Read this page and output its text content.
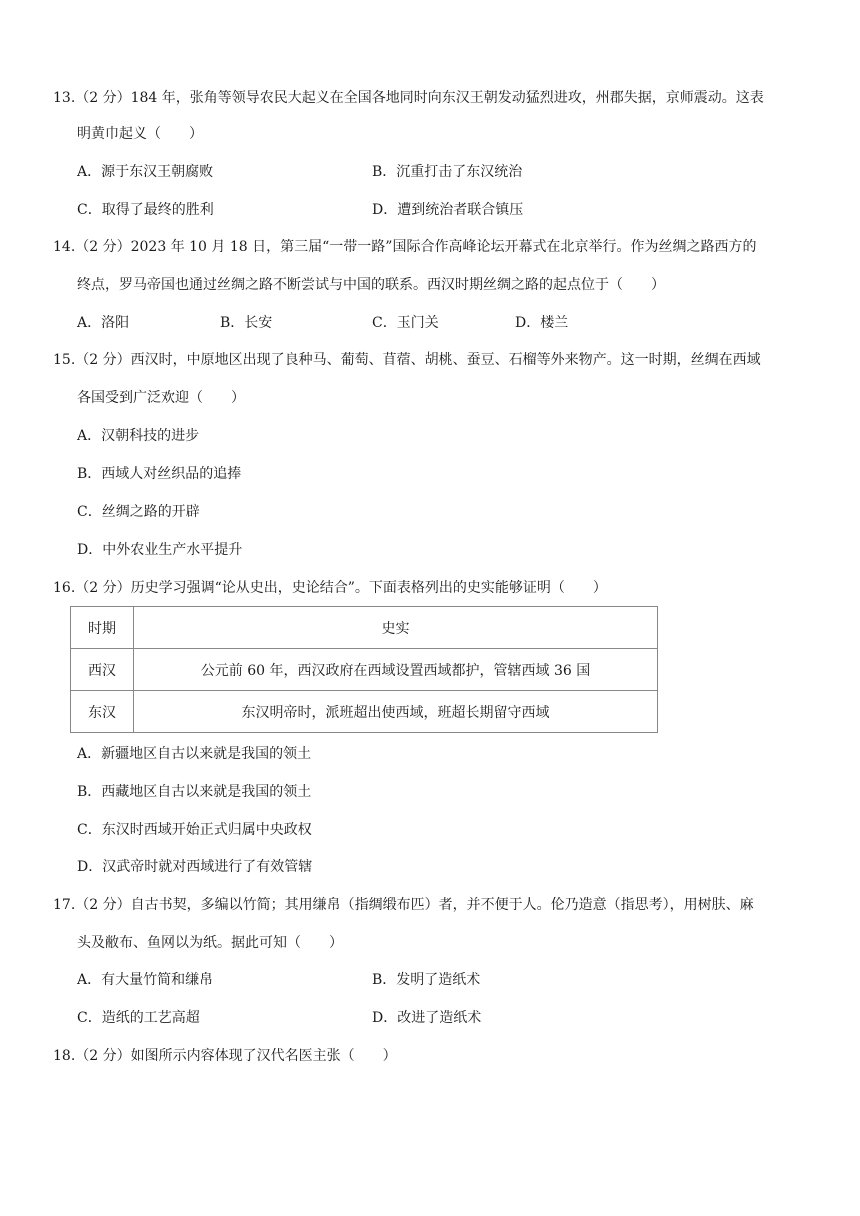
13.（2 分）184 年，张角等领导农民大起义在全国各地同时向东汉王朝发动猛烈进攻，州郡失据，京师震动。这表
明黄巾起义（　　）
A．源于东汉王朝腐败	B．沉重打击了东汉统治
C．取得了最终的胜利	D．遭到统治者联合镇压
14.（2 分）2023 年 10 月 18 日，第三届“一带一路”国际合作高峰论坛开幕式在北京举行。作为丝绸之路西方的
终点，罗马帝国也通过丝绸之路不断尝试与中国的联系。西汉时期丝绸之路的起点位于（　　）
A．洛阳	B．长安	C．玉门关	D．楼兰
15.（2 分）西汉时，中原地区出现了良种马、葡萄、苜蓿、胡桃、蚕豆、石榴等外来物产。这一时期，丝绸在西域
各国受到广泛欢迎（　　）
A．汉朝科技的进步
B．西域人对丝织品的追捧
C．丝绸之路的开辟
D．中外农业生产水平提升
16.（2 分）历史学习强调“论从史出，史论结合”。下面表格列出的史实能够证明（　　）
时期	史实
西汉	公元前 60 年，西汉政府在西域设置西域都护，管辖西域 36 国
东汉	东汉明帝时，派班超出使西域，班超长期留守西域
A．新疆地区自古以来就是我国的领土
B．西藏地区自古以来就是我国的领土
C．东汉时西域开始正式归属中央政权
D．汉武帝时就对西域进行了有效管辖
17.（2 分）自古书契，多编以竹简；其用缣帛（指绸缎布匹）者，并不便于人。伦乃造意（指思考），用树肤、麻
头及敝布、鱼网以为纸。据此可知（　　）
A．有大量竹简和缣帛	B．发明了造纸术
C．造纸的工艺高超	D．改进了造纸术
18.（2 分）如图所示内容体现了汉代名医主张（　　）
